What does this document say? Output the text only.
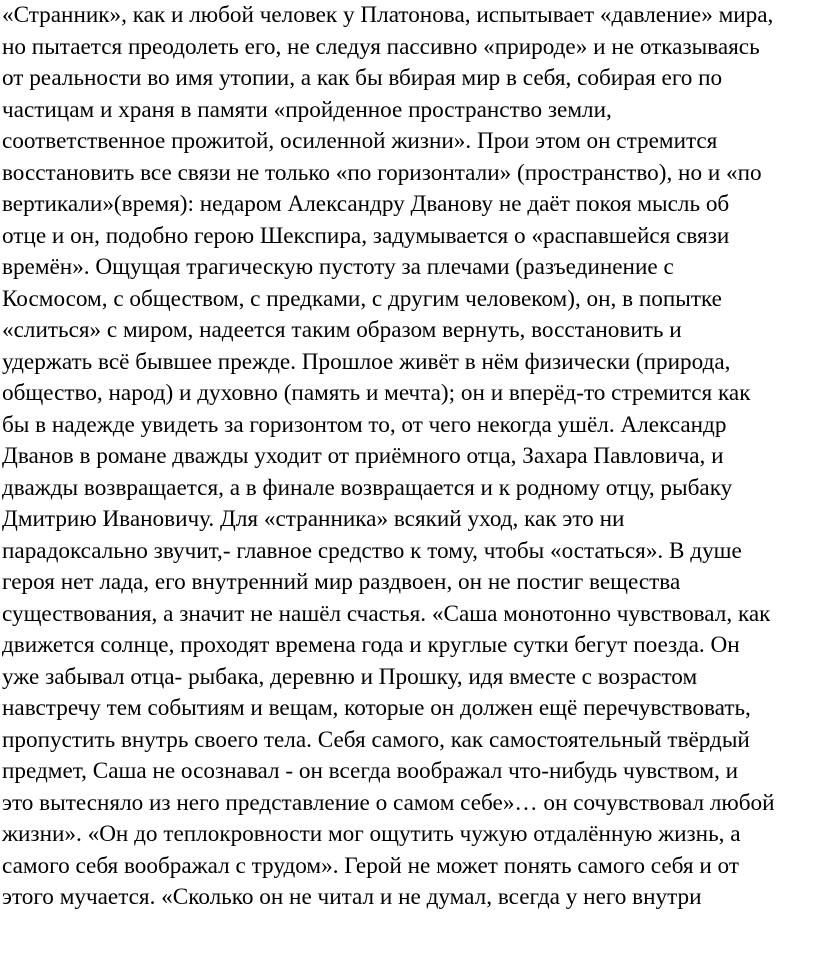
«Странник», как и любой человек у Платонова, испытывает «давление» мира,
но пытается преодолеть его, не следуя пассивно «природе» и не отказываясь
от реальности во имя утопии, а как бы вбирая мир в себя, собирая его по
частицам и храня в памяти «пройденное пространство земли,
соответственное прожитой, осиленной жизни». Прои этом он стремится
восстановить все связи не только «по горизонтали» (пространство), но и «по
вертикали»(время): недаром Александру Дванову не даёт покоя мысль об
отце и он, подобно герою Шекспира, задумывается о «распавшейся связи
времён». Ощущая трагическую пустоту за плечами (разъединение с
Космосом, с обществом, с предками, с другим человеком), он, в попытке
«слиться» с миром, надеется таким образом вернуть, восстановить и
удержать всё бывшее прежде. Прошлое живёт в нём физически (природа,
общество, народ) и духовно (память и мечта); он и вперёд-то стремится как
бы в надежде увидеть за горизонтом то, от чего некогда ушёл. Александр
Дванов в романе дважды уходит от приёмного отца, Захара Павловича, и
дважды возвращается, а в финале возвращается и к родному отцу, рыбаку
Дмитрию Ивановичу. Для «странника» всякий уход, как это ни
парадоксально звучит,- главное средство к тому, чтобы «остаться». В душе
героя нет лада, его внутренний мир раздвоен, он не постиг вещества
существования, а значит не нашёл счастья. «Саша монотонно чувствовал, как
движется солнце, проходят времена года и круглые сутки бегут поезда. Он
уже забывал отца- рыбака, деревню и Прошку, идя вместе с возрастом
навстречу тем событиям и вещам, которые он должен ещё перечувствовать,
пропустить внутрь своего тела. Себя самого, как самостоятельный твёрдый
предмет, Саша не осознавал - он всегда воображал что-нибудь чувством, и
это вытесняло из него представление о самом себе»… он сочувствовал любой
жизни». «Он до теплокровности мог ощутить чужую отдалённую жизнь, а
самого себя воображал с трудом». Герой не может понять самого себя и от
этого мучается. «Сколько он не читал и не думал, всегда у него внутри
